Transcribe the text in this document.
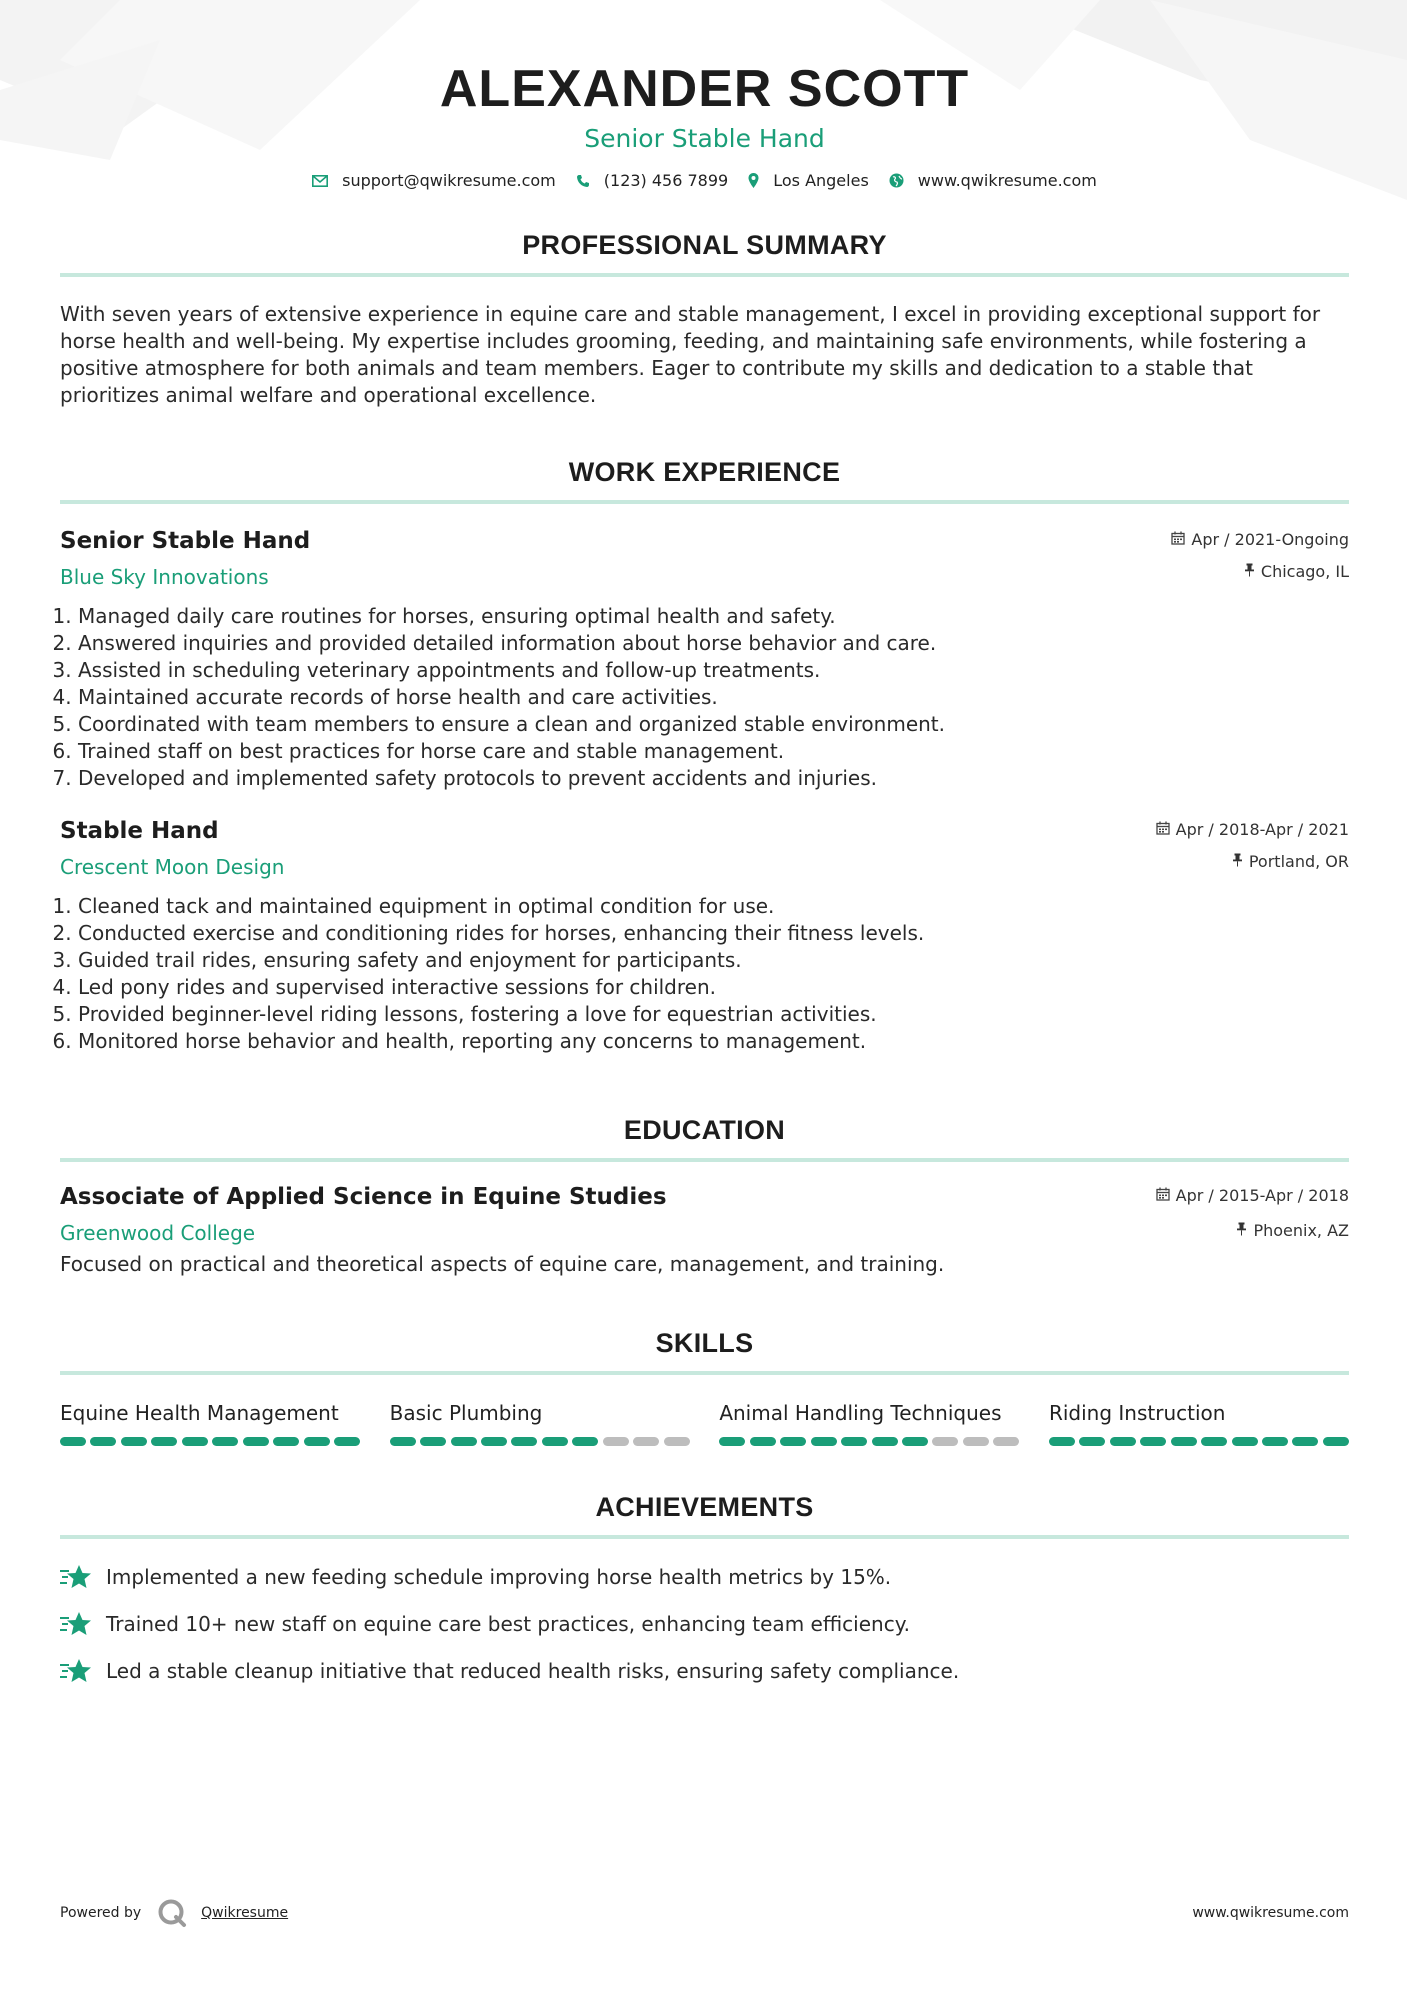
ALEXANDER SCOTT
Senior Stable Hand
support@qwikresume.com	(123) 456 7899	Los Angeles	www.qwikresume.com
PROFESSIONAL SUMMARY
With seven years of extensive experience in equine care and stable management, I excel in providing exceptional support for
horse health and well-being. My expertise includes grooming, feeding, and maintaining safe environments, while fostering a
positive atmosphere for both animals and team members. Eager to contribute my skills and dedication to a stable that
prioritizes animal welfare and operational excellence.
WORK EXPERIENCE
Senior Stable Hand
Blue Sky Innovations
Apr / 2021-Ongoing
Chicago, IL
1. Managed daily care routines for horses, ensuring optimal health and safety.
2. Answered inquiries and provided detailed information about horse behavior and care.
3. Assisted in scheduling veterinary appointments and follow-up treatments.
4. Maintained accurate records of horse health and care activities.
5. Coordinated with team members to ensure a clean and organized stable environment.
6. Trained staff on best practices for horse care and stable management.
7. Developed and implemented safety protocols to prevent accidents and injuries.
Stable Hand
Crescent Moon Design
Apr / 2018-Apr / 2021
Portland, OR
1. Cleaned tack and maintained equipment in optimal condition for use.
2. Conducted exercise and conditioning rides for horses, enhancing their fitness levels.
3. Guided trail rides, ensuring safety and enjoyment for participants.
4. Led pony rides and supervised interactive sessions for children.
5. Provided beginner-level riding lessons, fostering a love for equestrian activities.
6. Monitored horse behavior and health, reporting any concerns to management.
EDUCATION
Associate of Applied Science in Equine Studies
Greenwood College
Apr / 2015-Apr / 2018
Phoenix, AZ
Focused on practical and theoretical aspects of equine care, management, and training.
SKILLS
Equine Health Management	Basic Plumbing	Animal Handling Techniques	Riding Instruction
ACHIEVEMENTS
Implemented a new feeding schedule improving horse health metrics by 15%.
Trained 10+ new staff on equine care best practices, enhancing team efficiency.
Led a stable cleanup initiative that reduced health risks, ensuring safety compliance.
Powered by	Qwikresume	www.qwikresume.com
